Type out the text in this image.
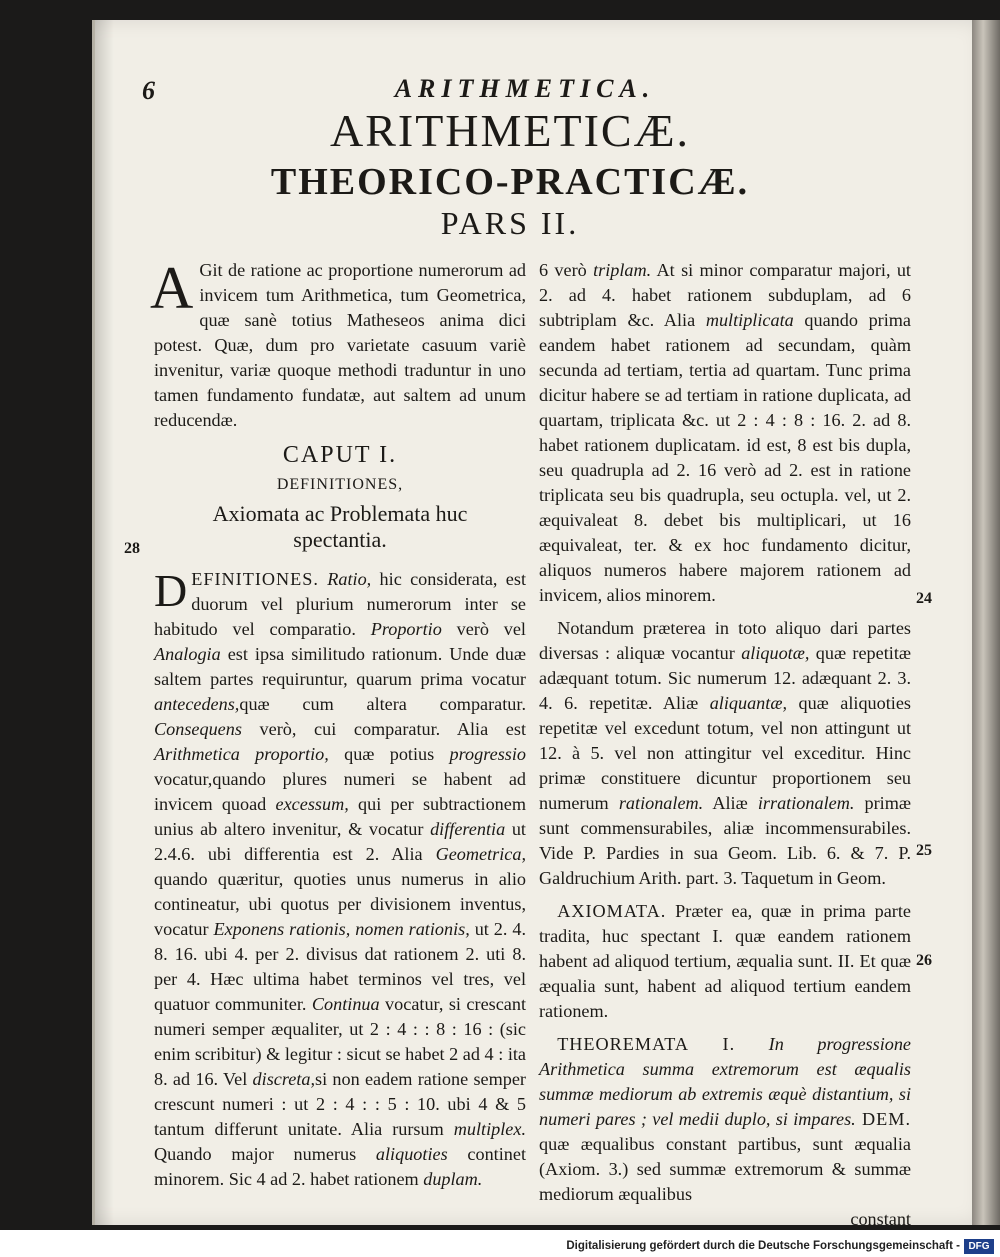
6	ARITHMETICA.
ARITHMETICÆ.
THEORICO-PRACTICÆ.
PARS II.

A Git de ratione ac proportione numerorum ad invicem tum Arithmetica, tum Geometrica, quæ sanè totius Matheseos anima dici potest. Quæ, dum pro varietate casuum variè invenitur, variæ quoque methodi traduntur in uno tamen fundamento fundatæ, aut saltem ad unum reducendæ.

CAPUT I.
DEFINITIONES,
Axiomata ac Problemata huc spectantia.

DEFINITIONES. Ratio, hic considerata, est duorum vel plurium numerorum inter se habitudo vel comparatio. Proportio verò vel Analogia est ipsa similitudo rationum. Unde duæ saltem partes requiruntur, quarum prima vocatur antecedens,quæ cum altera comparatur. Consequens verò, cui comparatur. Alia est Arithmetica proportio, quæ potius progressio vocatur,quando plures numeri se habent ad invicem quoad excessum, qui per subtractionem unius ab altero invenitur, & vocatur differentia ut 2.4.6. ubi differentia est 2. Alia Geometrica, quando quæritur, quoties unus numerus in alio contineatur, ubi quotus per divisionem inventus, vocatur Exponens rationis, nomen rationis, ut 2. 4. 8. 16. ubi 4. per 2. divisus dat rationem 2. uti 8. per 4. Hæc ultima habet terminos vel tres, vel quatuor communiter. Continua vocatur, si crescant numeri semper æqualiter, ut 2 : 4 : : 8 : 16 : (sic enim scribitur) & legitur : sicut se habet 2 ad 4 : ita 8. ad 16. Vel discreta,si non eadem ratione semper crescunt numeri : ut 2 : 4 : : 5 : 10. ubi 4 & 5 tantum differunt unitate. Alia rursum multiplex. Quando major numerus aliquoties continet minorem. Sic 4 ad 2. habet rationem duplam.

28

6 verò triplam. At si minor comparatur majori, ut 2. ad 4. habet rationem subduplam, ad 6 subtriplam &c. Alia multiplicata quando prima eandem habet rationem ad secundam, quàm secunda ad tertiam, tertia ad quartam. Tunc prima dicitur habere se ad tertiam in ratione duplicata, ad quartam, triplicata &c. ut 2 : 4 : 8 : 16. 2. ad 8. habet rationem duplicatam. id est, 8 est bis dupla, seu quadrupla ad 2. 16 verò ad 2. est in ratione triplicata seu bis quadrupla, seu octupla. vel, ut 2. æquivaleat 8. debet bis multiplicari, ut 16 æquivaleat, ter. & ex hoc fundamento dicitur, aliquos numeros habere majorem rationem ad invicem, alios minorem.

 Notandum præterea in toto aliquo dari partes diversas : aliquæ vocantur aliquotæ, quæ repetitæ adæquant totum. Sic numerum 12. adæquant 2. 3. 4. 6. repetitæ. Aliæ aliquantæ, quæ aliquoties repetitæ vel excedunt totum, vel non attingunt ut 12. à 5. vel non attingitur vel exceditur. Hinc primæ constituere dicuntur proportionem seu numerum rationalem. Aliæ irrationalem. primæ sunt commensurabiles, aliæ incommensurabiles. Vide P. Pardies in sua Geom. Lib. 6. & 7. P. Galdruchium Arith. part. 3. Taquetum in Geom.

 AXIOMATA. Præter ea, quæ in prima parte tradita, huc spectant I. quæ eandem rationem habent ad aliquod tertium, æqualia sunt. II. Et quæ æqualia sunt, habent ad aliquod tertium eandem rationem.

 THEOREMATA I. In progressione Arithmetica summa extremorum est æqualis summæ mediorum ab extremis æquè distantium, si numeri pares ; vel medii duplo, si impares. DEM. quæ æqualibus constant partibus, sunt æqualia (Axiom. 3.) sed summæ extremorum & summæ mediorum æqualibus

constant

24
25
26
Digitalisierung gefördert durch die Deutsche Forschungsgemeinschaft - DFG
